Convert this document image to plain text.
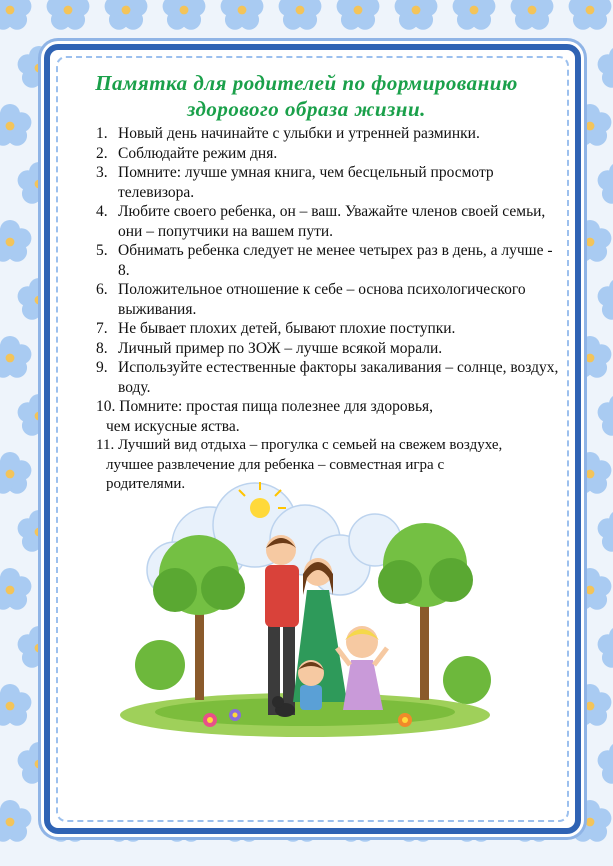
Памятка для родителей по формированию
здорового образа жизни.
1. Новый день начинайте с улыбки и утренней разминки.
2. Соблюдайте режим дня.
3. Помните: лучше умная книга, чем бесцельный просмотр телевизора.
4. Любите своего ребенка, он – ваш. Уважайте членов своей семьи, они – попутчики на вашем пути.
5. Обнимать ребенка следует не менее четырех раз в день, а лучше - 8.
6. Положительное отношение к себе – основа психологического выживания.
7. Не бывает плохих детей, бывают плохие поступки.
8. Личный пример по ЗОЖ – лучше всякой морали.
9. Используйте естественные факторы закаливания – солнце, воздух, воду.
10. Помните: простая пища полезнее для здоровья,
чем искусные яства.
11. Лучший вид отдыха – прогулка с семьей на свежем воздухе,
лучшее развлечение для ребенка – совместная игра с
родителями.
